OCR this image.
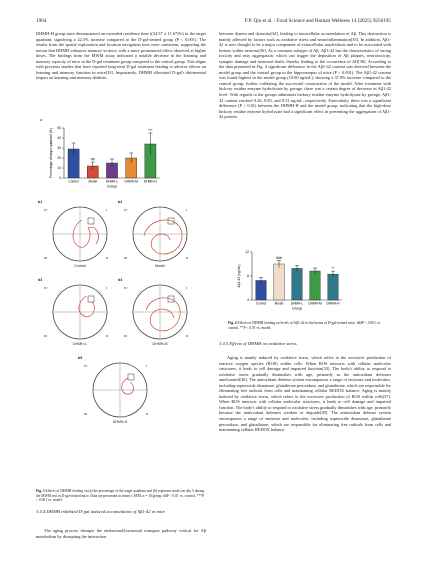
1964	F.P. Qiu et al. / Food Science and Human Wellness 14 (2025) 9250195

DHMH-H group mice demonstrated an extended residence time ((34.57 ± 11.67)%) in the target quadrant, signifying a 22.3% increase compared to the D-gal-treated group (P < 0.001). The results from the spatial exploration and location navigation tests were consistent, supporting the notion that DHMH enhances memory in mice, with a more pronounced effect observed at higher doses. The findings from the MWM assay indicated a notable decrease in the learning and memory capacity of mice in the D-gal treatment group compared to the control group. This aligns with previous studies that have reported long-term D-gal treatment leading to adverse effects on learning and memory function in mice[33]. Importantly, DHMH alleviated D-gal's detrimental impact on learning and memory abilities.

a
0
10
20
30
40
50
Control	Model
##
DHMH-L DHMH-M DHMH-H
***
Group
Percentage of target quadrant (%)
b1
IV	I
III	II
Control
b2
IV	I
III	II
Model
b3
IV	I
III	II
DHMH-L
b4
IV	I
III	II
DHMH-M
b5
IV	I
III	II
DHMH-H
Fig. 3 Effects of DHMH feeding on (a) the percentage of the target quadrant and (b) represent tracks on day 5 during the MWM test in D-gal-treated mice. Data are presented as mean ± SEM, n = 10/group; ##P < 0.01 vs. control, ***P < 0.001 vs. model.
3.4.4 DHMH inhibited D-gal induced accumulation of Aβ1-42 in mice

The aging process disrupts the endosomal/lysosomal transport pathway critical for Aβ metabolism by disrupting the interaction

between dynein and dynactin[34], leading to intracellular accumulation of Aβ. This destruction is mainly affected by factors such as oxidative stress and neuroinflammation[35]. In addition, Aβ1-42 is now thought to be a major component of extracellular amyloidosis and to be associated with lesions within neurons[36]. As a common subtype of Aβ, Aβ1-42 has the characteristics of strong toxicity and easy aggregation, which can trigger the deposition of Aβ plaques, neurotoxicity, synaptic damage and neuronal death, thereby leading to the occurrence of AD[36]. According to the data presented in Fig. 4 significant difference in the Aβ1-42 content was detected between the model group and the control group in the hippocampus of mice (P < 0.001). The Aβ1-42 content was found highest in the model group (10.00 ng/mL), showing a 37.9% increase compared to the control group, further validating the successful construction of the model. After treatment with hickory residue enzyme hydrolysate by gavage, there was a certain degree of decrease in Aβ1-42 level. With regards to the groups administer hickory residue enzyme hydrolysate by gavage, Aβ1-42 content reached 9.26, 8.83, and 8.31 ng/mL, respectively. Particularly, there was a significant difference (P < 0.01) between the DHMH-H and the model group, indicating that the high-dose hickory residue enzyme hydrolysate had a significant effect in preventing the aggregation of Aβ1-42 protein.

4
8
12
Control	Model
###
DHMH-L DHMH-M DHMH-H
**
Group
Aβ1-42 (ng/mL)
Fig. 4 Effects of DHMH feeding on levels of Aβ1-42 in the brains of D-gal-treated mice. ###P < 0.001 vs. control, **P < 0.01 vs. model.
3.4.5 Effects of DHMH on oxidative stress

Aging is mainly induced by oxidative stress, which refers to the excessive production of reactive oxygen species (ROS) within cells. When ROS interacts with cellular molecular structures, it leads to cell damage and impaired function[33]. The body's ability to respond to oxidative stress gradually diminishes with age, primarily as the antioxidant defenses ameliorated[36]. The antioxidant defense system encompasses a range of enzymes and molecules, including superoxide dismutase, glutathione peroxidase, and glutathione, which are responsible for eliminating free radicals from cells and maintaining cellular REDOX balance. Aging is mainly induced by oxidative stress, which refers to the excessive production of ROS within cells[37]. When ROS interacts with cellular molecular structures, it leads to cell damage and impaired function. The body's ability to respond to oxidative stress gradually diminishes with age, primarily because the antioxidant defenses weaken or degrade[38]. The antioxidant defense system encompasses a range of enzymes and molecules, including superoxide dismutase, glutathione peroxidase, and glutathione, which are responsible for eliminating free radicals from cells and maintaining cellular REDOX balance.
